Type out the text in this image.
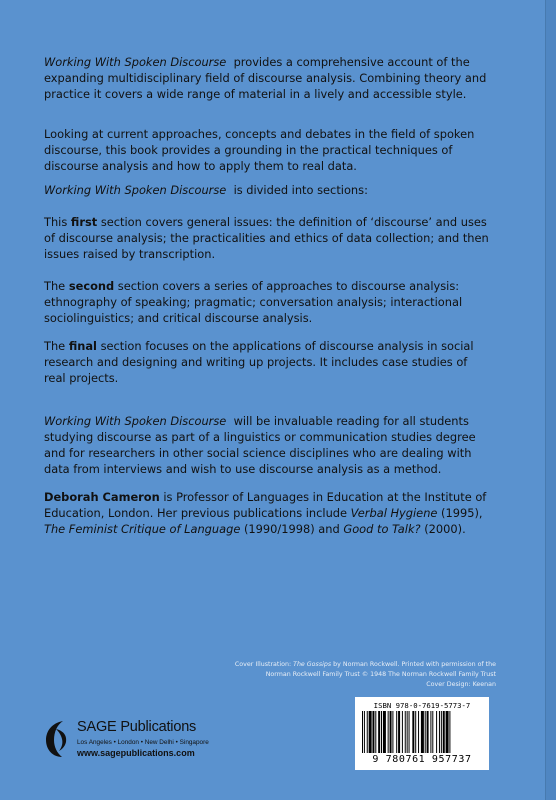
Working With Spoken Discourse provides a comprehensive account of the expanding multidisciplinary field of discourse analysis. Combining theory and practice it covers a wide range of material in a lively and accessible style.

Looking at current approaches, concepts and debates in the field of spoken discourse, this book provides a grounding in the practical techniques of discourse analysis and how to apply them to real data.

Working With Spoken Discourse is divided into sections:

This first section covers general issues: the definition of ‘discourse’ and uses of discourse analysis; the practicalities and ethics of data collection; and then issues raised by transcription.

The second section covers a series of approaches to discourse analysis: ethnography of speaking; pragmatic; conversation analysis; interactional sociolinguistics; and critical discourse analysis.

The final section focuses on the applications of discourse analysis in social research and designing and writing up projects. It includes case studies of real projects.

Working With Spoken Discourse will be invaluable reading for all students studying discourse as part of a linguistics or communication studies degree and for researchers in other social science disciplines who are dealing with data from interviews and wish to use discourse analysis as a method.

Deborah Cameron is Professor of Languages in Education at the Institute of Education, London. Her previous publications include Verbal Hygiene (1995), The Feminist Critique of Language (1990/1998) and Good to Talk? (2000).

Cover Illustration: The Gossips by Norman Rockwell. Printed with permission of the
Norman Rockwell Family Trust © 1948 The Norman Rockwell Family Trust
Cover Design: Keenan
SAGE Publications
Los Angeles • London • New Delhi • Singapore
www.sagepublications.com
ISBN 978-0-7619-5773-7
9 780761 957737
